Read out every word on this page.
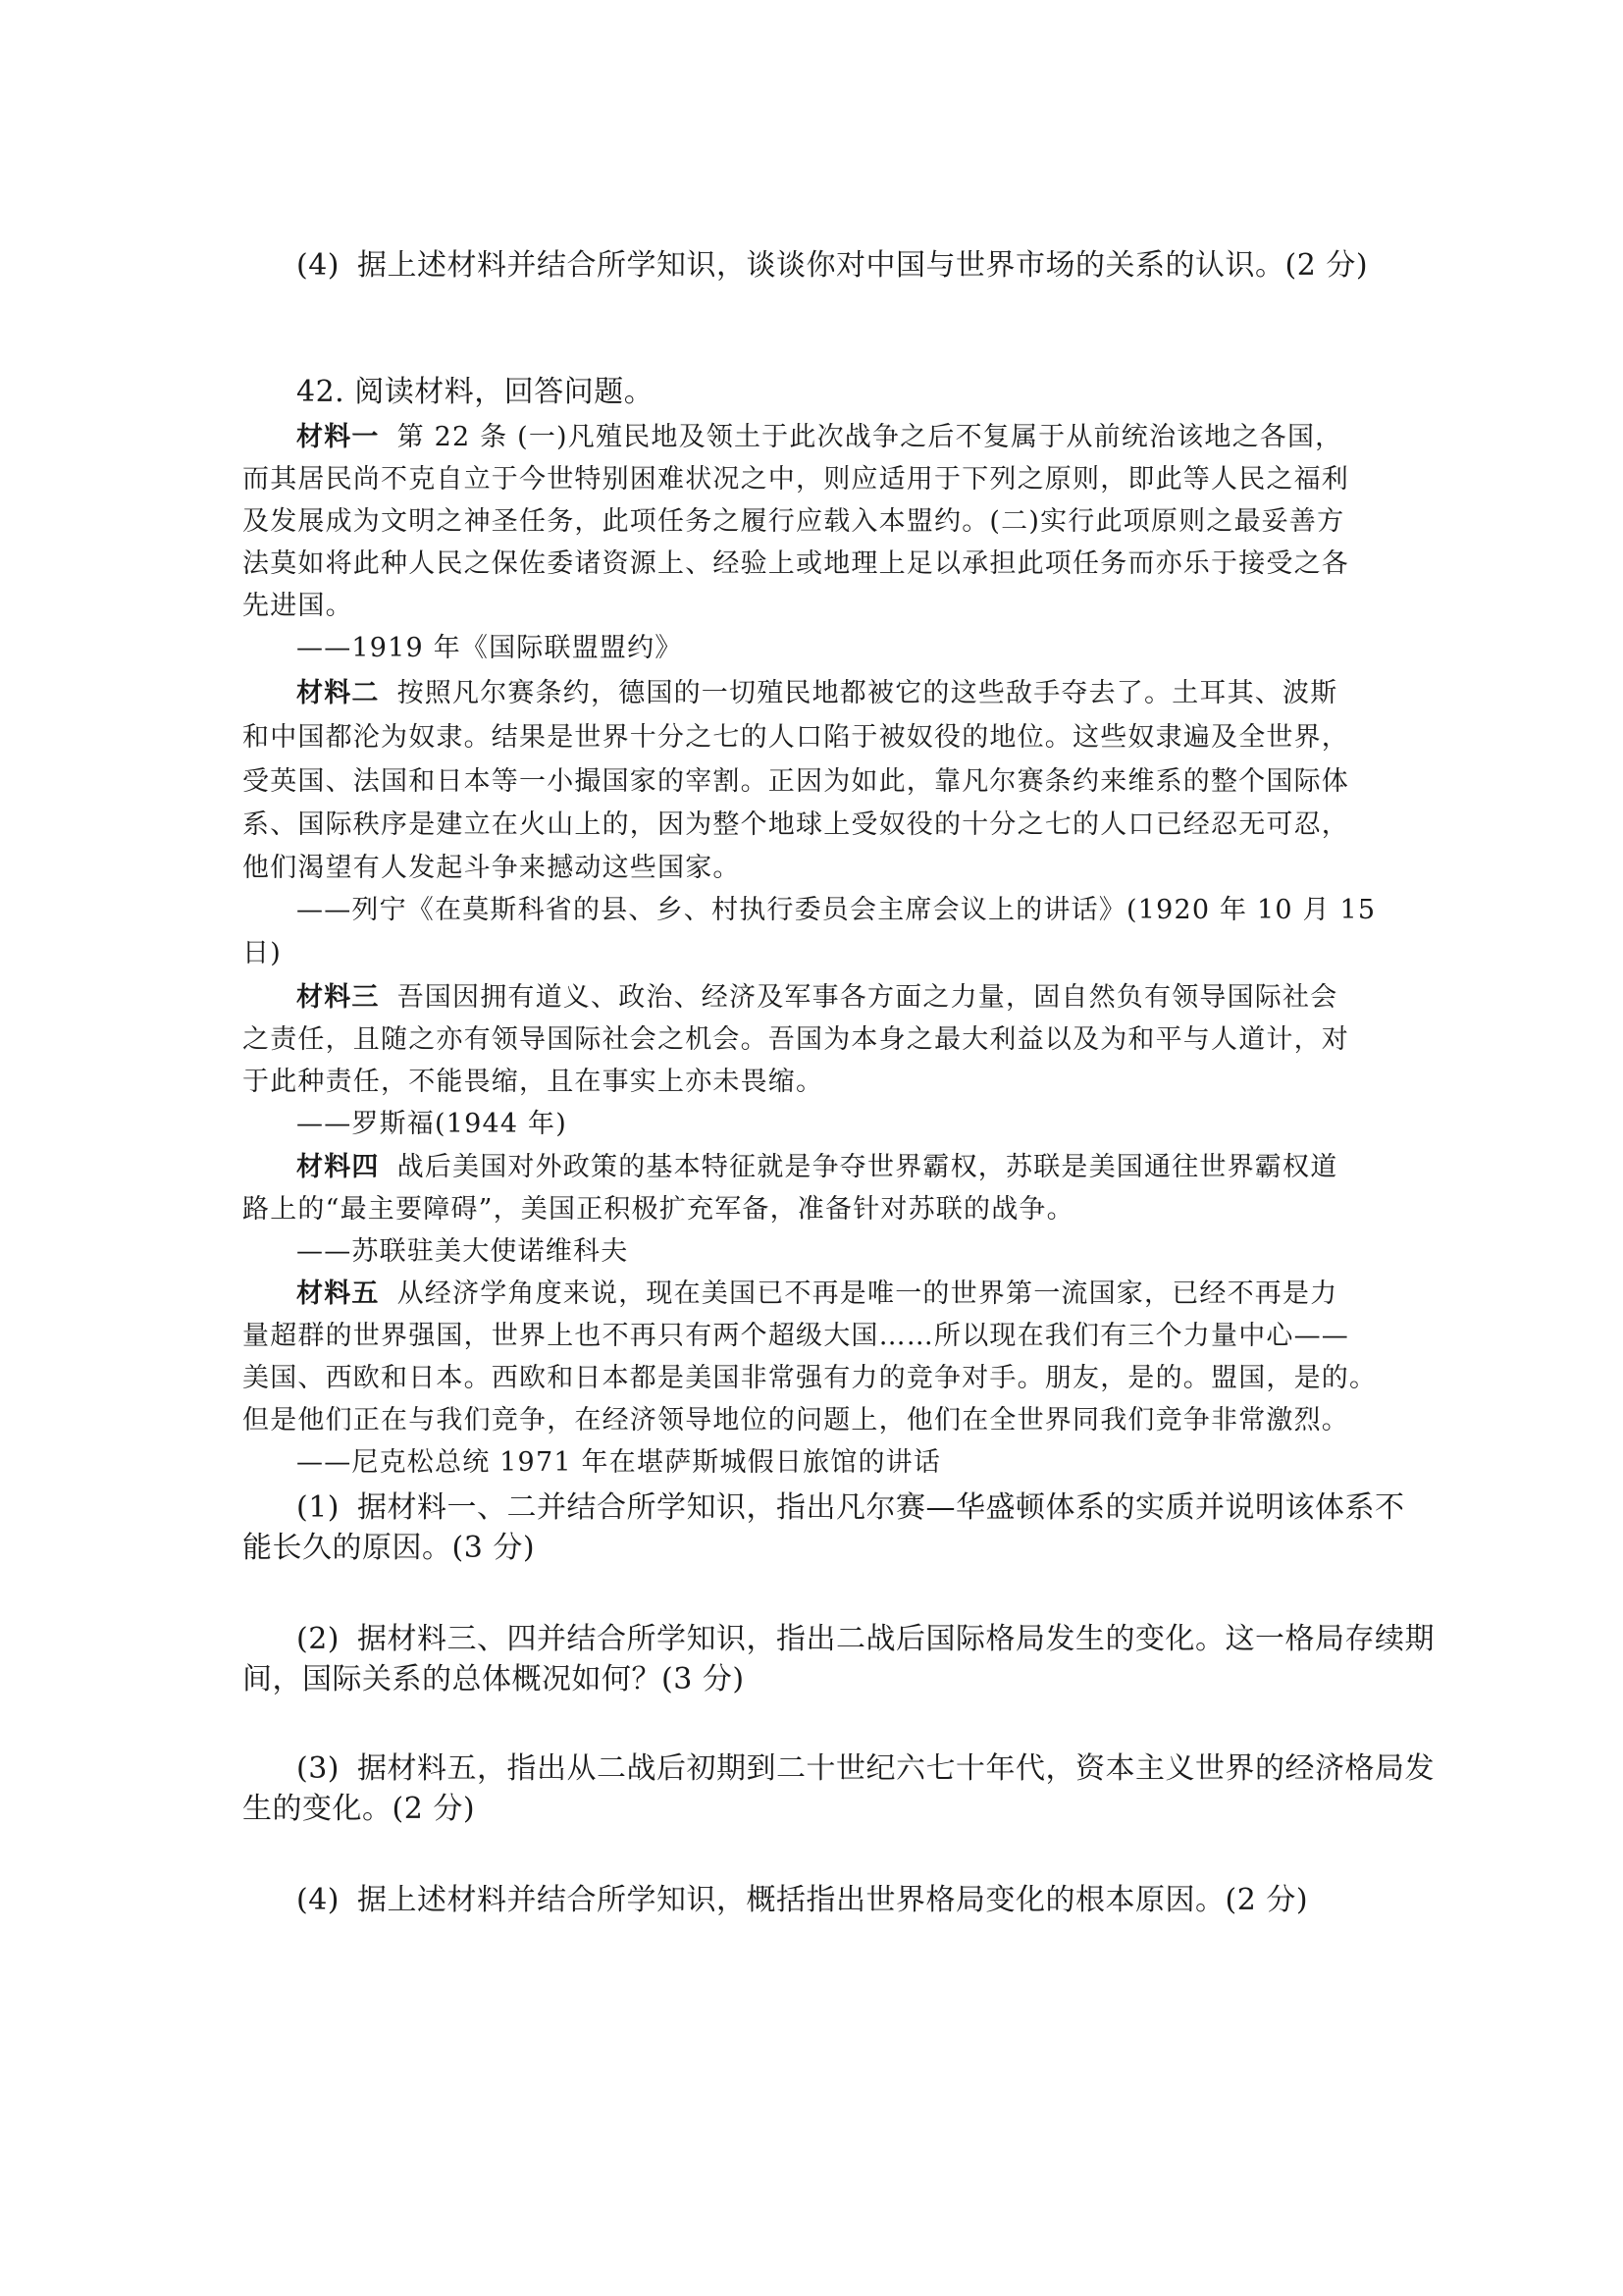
(4) 据上述材料并结合所学知识，谈谈你对中国与世界市场的关系的认识。(2 分)
42. 阅读材料，回答问题。
材料一 第 22 条 (一)凡殖民地及领土于此次战争之后不复属于从前统治该地之各国，
而其居民尚不克自立于今世特别困难状况之中，则应适用于下列之原则，即此等人民之福利
及发展成为文明之神圣任务，此项任务之履行应载入本盟约。(二)实行此项原则之最妥善方
法莫如将此种人民之保佐委诸资源上、经验上或地理上足以承担此项任务而亦乐于接受之各
先进国。
——1919 年《国际联盟盟约》
材料二 按照凡尔赛条约，德国的一切殖民地都被它的这些敌手夺去了。土耳其、波斯
和中国都沦为奴隶。结果是世界十分之七的人口陷于被奴役的地位。这些奴隶遍及全世界，
受英国、法国和日本等一小撮国家的宰割。正因为如此，靠凡尔赛条约来维系的整个国际体
系、国际秩序是建立在火山上的，因为整个地球上受奴役的十分之七的人口已经忍无可忍，
他们渴望有人发起斗争来撼动这些国家。
——列宁《在莫斯科省的县、乡、村执行委员会主席会议上的讲话》(1920 年 10 月 15
日)
材料三 吾国因拥有道义、政治、经济及军事各方面之力量，固自然负有领导国际社会
之责任，且随之亦有领导国际社会之机会。吾国为本身之最大利益以及为和平与人道计，对
于此种责任，不能畏缩，且在事实上亦未畏缩。
——罗斯福(1944 年)
材料四 战后美国对外政策的基本特征就是争夺世界霸权，苏联是美国通往世界霸权道
路上的“最主要障碍”，美国正积极扩充军备，准备针对苏联的战争。
——苏联驻美大使诺维科夫
材料五 从经济学角度来说，现在美国已不再是唯一的世界第一流国家，已经不再是力
量超群的世界强国，世界上也不再只有两个超级大国……所以现在我们有三个力量中心——
美国、西欧和日本。西欧和日本都是美国非常强有力的竞争对手。朋友，是的。盟国，是的。
但是他们正在与我们竞争，在经济领导地位的问题上，他们在全世界同我们竞争非常激烈。
——尼克松总统 1971 年在堪萨斯城假日旅馆的讲话
(1) 据材料一、二并结合所学知识，指出凡尔赛—华盛顿体系的实质并说明该体系不
能长久的原因。(3 分)
(2) 据材料三、四并结合所学知识，指出二战后国际格局发生的变化。这一格局存续期
间，国际关系的总体概况如何？(3 分)
(3) 据材料五，指出从二战后初期到二十世纪六七十年代，资本主义世界的经济格局发
生的变化。(2 分)
(4) 据上述材料并结合所学知识，概括指出世界格局变化的根本原因。(2 分)
